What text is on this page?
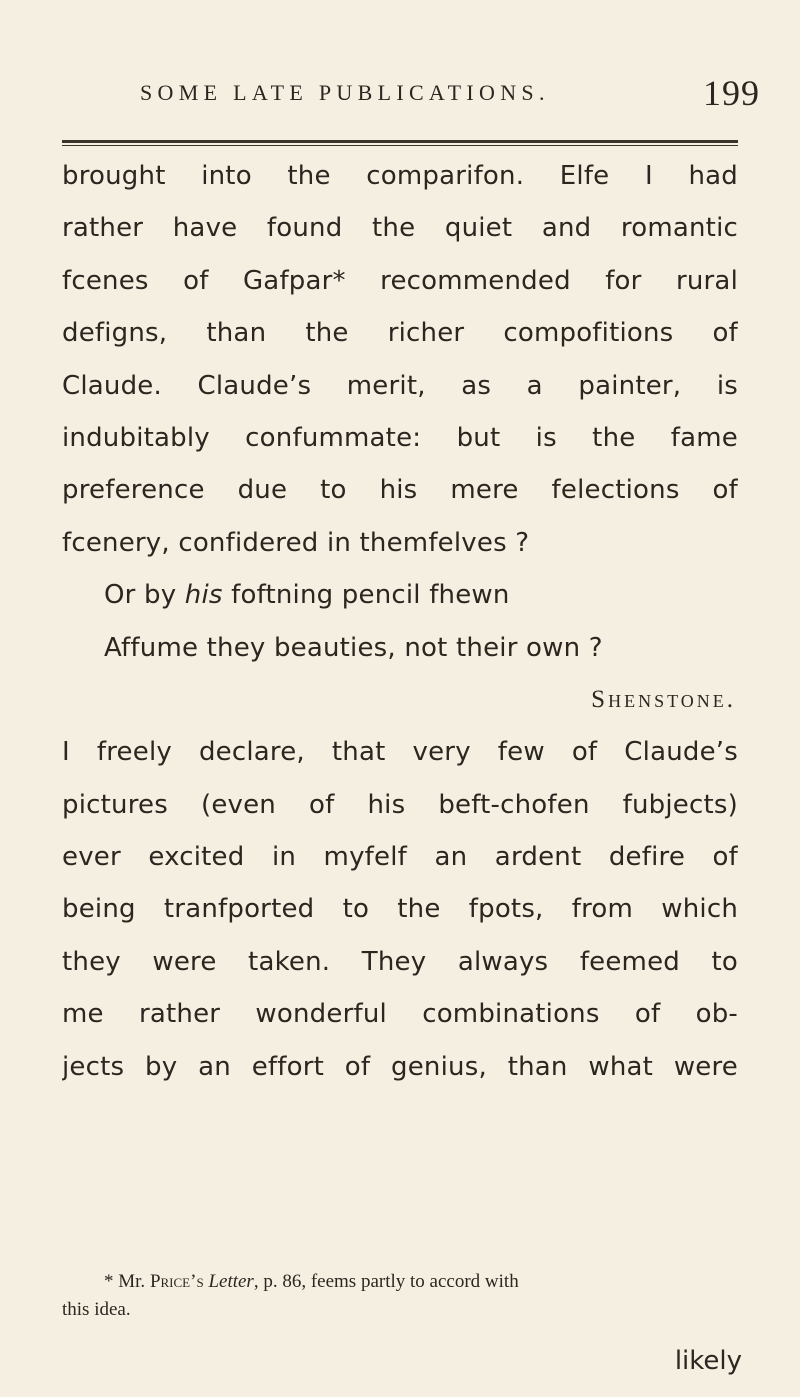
SOME LATE PUBLICATIONS.	199
brought into the comparifon. Elfe I had
rather have found the quiet and romantic
fcenes of Gafpar* recommended for rural
defigns, than the richer compofitions of
Claude. Claude’s merit, as a painter, is
indubitably confummate: but is the fame
preference due to his mere felections of
fcenery, confidered in themfelves ?
Or by his foftning pencil fhewn
Affume they beauties, not their own ?
Shenstone.
I freely declare, that very few of Claude’s
pictures (even of his beft-chofen fubjects)
ever excited in myfelf an ardent defire of
being tranfported to the fpots, from which
they were taken. They always feemed to
me rather wonderful combinations of ob-
jects by an effort of genius, than what were
* Mr. Price’s Letter, p. 86, feems partly to accord with
this idea.
likely
